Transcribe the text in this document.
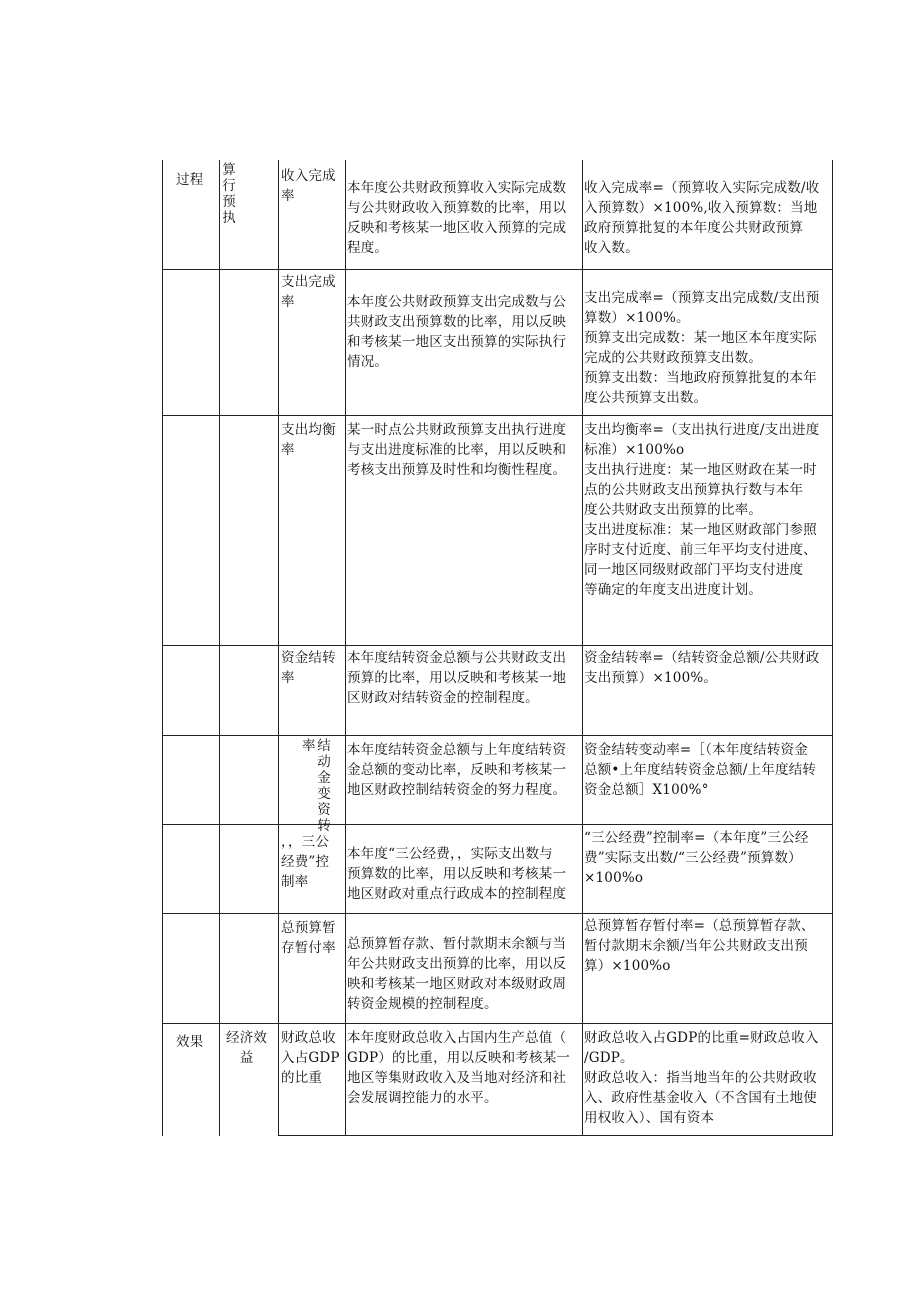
过程
算
行
预
执
效果 经济效
益
收入完成
率	本年度公共财政预算收入实际完成数
与公共财政收入预算数的比率，用以
反映和考核某一地区收入预算的完成
程度。
收入完成率=（预算收入实际完成数/收
入预算数）×100%,收入预算数：当地
政府预算批复的本年度公共财政预算
收入数。
支出完成
率	本年度公共财政预算支出完成数与公
共财政支出预算数的比率，用以反映
和考核某一地区支出预算的实际执行
情况。
支出完成率=（预算支出完成数/支出预
算数）×100%。
预算支出完成数：某一地区本年度实际
完成的公共财政预算支出数。
预算支出数：当地政府预算批复的本年
度公共预算支出数。
支出均衡
率
某一时点公共财政预算支出执行进度
与支出进度标准的比率，用以反映和
考核支出预算及时性和均衡性程度。
支出均衡率=（支出执行进度/支出进度
标准）×100%o
支出执行进度：某一地区财政在某一时
点的公共财政支出预算执行数与本年
度公共财政支出预算的比率。
支出进度标准：某一地区财政部门参照
序时支付近度、前三年平均支付进度、
同一地区同级财政部门平均支付进度
等确定的年度支出进度计划。
资金结转
率
本年度结转资金总额与公共财政支出
预算的比率，用以反映和考核某一地
区财政对结转资金的控制程度。
资金结转率=（结转资金总额/公共财政
支出预算）×100%。
率 结
动
金
变
资
转
本年度结转资金总额与上年度结转资
金总额的变动比率，反映和考核某一
地区财政控制结转资金的努力程度。
资金结转变动率=［（本年度结转资金
总额•上年度结转资金总额/上年度结转
资金总额］X100%°
，，三公
经费”控
制率
本年度“三公经费，，实际支出数与
预算数的比率，用以反映和考核某一
地区财政对重点行政成本的控制程度
“三公经费”控制率=（本年度”三公经
费”实际支出数/“三公经费”预算数）
×100%o
总预算暂
存暂付率 总预算暂存款、暂付款期末余额与当
年公共财政支出预算的比率，用以反
映和考核某一地区财政对本级财政周
转资金规模的控制程度。
总预算暂存暂付率=（总预算暂存款、
暂付款期末余额/当年公共财政支出预
算）×100%o
财政总收
入占GDP
的比重
本年度财政总收入占国内生产总值（
GDP）的比重，用以反映和考核某一
地区等集财政收入及当地对经济和社
会发展调控能力的水平。
财政总收入占GDP的比重=财政总收入
/GDP。
财政总收入：指当地当年的公共财政收
入、政府性基金收入（不含国有土地使
用权收入）、国有资本
